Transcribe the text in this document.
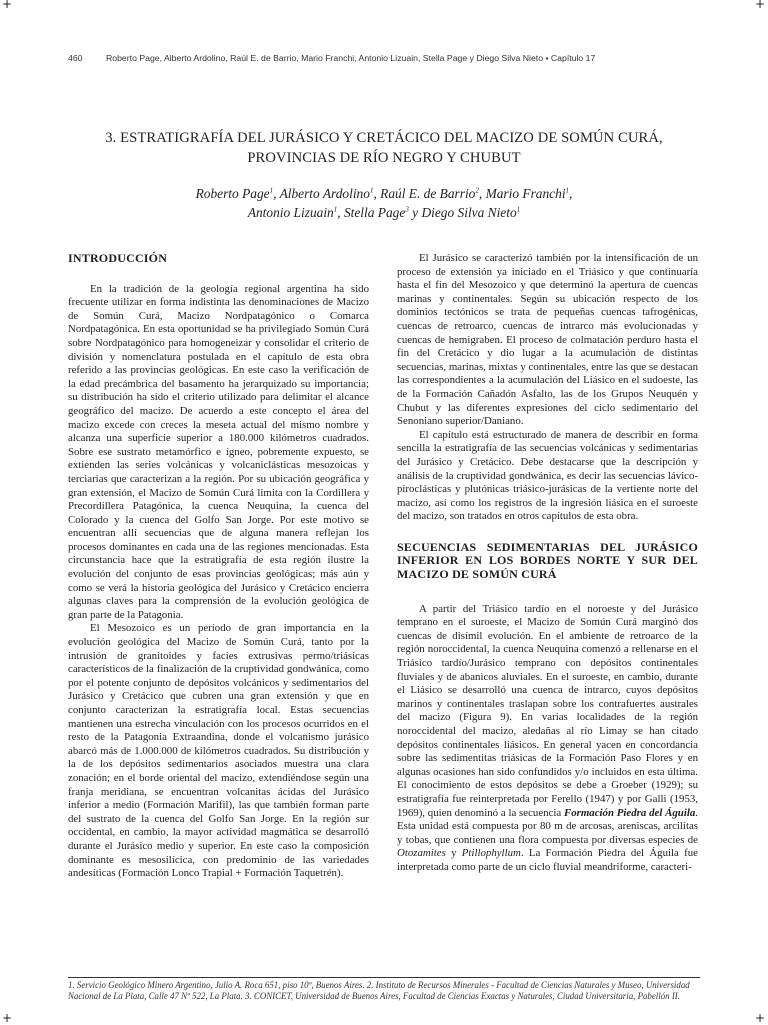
+	+
+	+
460	Roberto Page, Alberto Ardolino, Raúl E. de Barrio, Mario Franchi, Antonio Lizuain, Stella Page y Diego Silva Nieto • Capítulo 17
3. ESTRATIGRAFÍA DEL JURÁSICO Y CRETÁCICO DEL MACIZO DE SOMÚN CURÁ, PROVINCIAS DE RÍO NEGRO Y CHUBUT
Roberto Page$^1$, Alberto Ardolino$^1$, Raúl E. de Barrio$^2$, Mario Franchi$^1$,
Antonio Lizuain$^1$, Stella Page$^3$ y Diego Silva Nieto$^1$
INTRODUCCIÓN

En la tradición de la geología regional argentina ha sido frecuente utilizar en forma indistinta las denominaciones de Macizo de Somún Curá, Macizo Nordpatagónico o Comarca Nordpatagónica. En esta oportunidad se ha privilegiado Somún Curá sobre Nordpatagónico para homogeneizar y consolidar el criterio de división y nomenclatura postulada en el capítulo de esta obra referido a las provincias geológicas. En este caso la verificación de la edad precámbrica del basamento ha jerarquizado su importancia; su distribución ha sido el criterio utilizado para delimitar el alcance geográfico del macizo. De acuerdo a este concepto el área del macizo excede con creces la meseta actual del mismo nombre y alcanza una superficie superior a 180.000 kilómetros cuadrados. Sobre ese sustrato metamórfico e ígneo, pobremente expuesto, se extienden las series volcánicas y volcaniclásticas mesozoicas y terciarias que caracterizan a la región. Por su ubicación geográfica y gran extensión, el Macizo de Somún Curá limita con la Cordillera y Precordillera Patagónica, la cuenca Neuquina, la cuenca del Colorado y la cuenca del Golfo San Jorge. Por este motivo se encuentran allí secuencias que de alguna manera reflejan los procesos dominantes en cada una de las regiones mencionadas. Esta circunstancia hace que la estratigrafía de esta región ilustre la evolución del conjunto de esas provincias geológicas; más aún y como se verá la historia geológica del Jurásico y Cretácico encierra algunas claves para la comprensión de la evolución geológica de gran parte de la Patagonia.

El Mesozoico es un período de gran importancia en la evolución geológica del Macizo de Somún Curá, tanto por la intrusión de granitoides y facies extrusivas permo/triásicas característicos de la finalización de la cruptividad gondwánica, como por el potente conjunto de depósitos volcánicos y sedimentarios del Jurásico y Cretácico que cubren una gran extensión y que en conjunto caracterizan la estratigrafía local. Estas secuencias mantienen una estrecha vinculación con los procesos ocurridos en el resto de la Patagonia Extraandina, donde el volcanismo jurásico abarcó más de 1.000.000 de kilómetros cuadrados. Su distribución y la de los depósitos sedimentarios asociados muestra una clara zonación; en el borde oriental del macizo, extendiéndose según una franja meridiana, se encuentran volcanitas ácidas del Jurásico inferior a medio (Formación Marifil), las que también forman parte del sustrato de la cuenca del Golfo San Jorge. En la región sur occidental, en cambio, la mayor actividad magmática se desarrolló durante el Jurásico medio y superior. En este caso la composición dominante es mesosilícica, con predominio de las variedades andesíticas (Formación Lonco Trapial + Formación Taquetrén).

El Jurásico se caracterizó también por la intensificación de un proceso de extensión ya iniciado en el Triásico y que continuaría hasta el fin del Mesozoico y que determinó la apertura de cuencas marinas y continentales. Según su ubicación respecto de los dominios tectónicos se trata de pequeñas cuencas tafrogénicas, cuencas de retroarco, cuencas de intrarco más evolucionadas y cuencas de hemigraben. El proceso de colmatación perduro hasta el fin del Cretácico y dio lugar a la acumulación de distintas secuencias, marinas, mixtas y continentales, entre las que se destacan las correspondientes a la acumulación del Liásico en el sudoeste, las de la Formación Cañadón Asfalto, las de los Grupos Neuquén y Chubut y las diferentes expresiones del ciclo sedimentario del Senoniano superior/Daniano.

El capítulo está estructurado de manera de describir en forma sencilla la estratigrafía de las secuencias volcánicas y sedimentarias del Jurásico y Cretácico. Debe destacarse que la descripción y análisis de la cruptividad gondwánica, es decir las secuencias lávico-piroclásticas y plutónicas triásico-jurásicas de la vertiente norte del macizo, así como los registros de la ingresión liásica en el suroeste del macizo, son tratados en otros capítulos de esta obra.

SECUENCIAS SEDIMENTARIAS DEL JURÁSICO INFERIOR EN LOS BORDES NORTE Y SUR DEL MACIZO DE SOMÚN CURÁ

A partir del Triásico tardío en el noroeste y del Jurásico temprano en el suroeste, el Macizo de Somún Curá marginó dos cuencas de disímil evolución. En el ambiente de retroarco de la región noroccidental, la cuenca Neuquina comenzó a rellenarse en el Triásico tardío/Jurásico temprano con depósitos continentales fluviales y de abanicos aluviales. En el suroeste, en cambio, durante el Liásico se desarrolló una cuenca de intrarco, cuyos depósitos marinos y continentales traslapan sobre los contrafuertes australes del macizo (Figura 9). En varias localidades de la región noroccidental del macizo, aledañas al río Limay se han citado depósitos continentales liásicos. En general yacen en concordancia sobre las sedimentitas triásicas de la Formación Paso Flores y en algunas ocasiones han sido confundidos y/o incluidos en esta última. El conocimiento de estos depósitos se debe a Groeber (1929); su estratigrafía fue reinterpretada por Ferello (1947) y por Galli (1953, 1969), quien denominó a la secuencia Formación Piedra del Águila. Esta unidad está compuesta por 80 m de arcosas, areniscas, arcilitas y tobas, que contienen una flora compuesta por diversas especies de Otozamites y Ptillophyllum. La Formación Piedra del Águila fue interpretada como parte de un ciclo fluvial meandriforme, caracteri-

1. Servicio Geológico Minero Argentino, Julio A. Roca 651, piso 10º, Buenos Aires. 2. Instituto de Recursos Minerales - Facultad de Ciencias Naturales y Museo, Universidad Nacional de La Plata, Calle 47 Nº 522, La Plata. 3. CONICET, Universidad de Buenos Aires, Facultad de Ciencias Exactas y Naturales, Ciudad Universitaria, Pabellón II.
